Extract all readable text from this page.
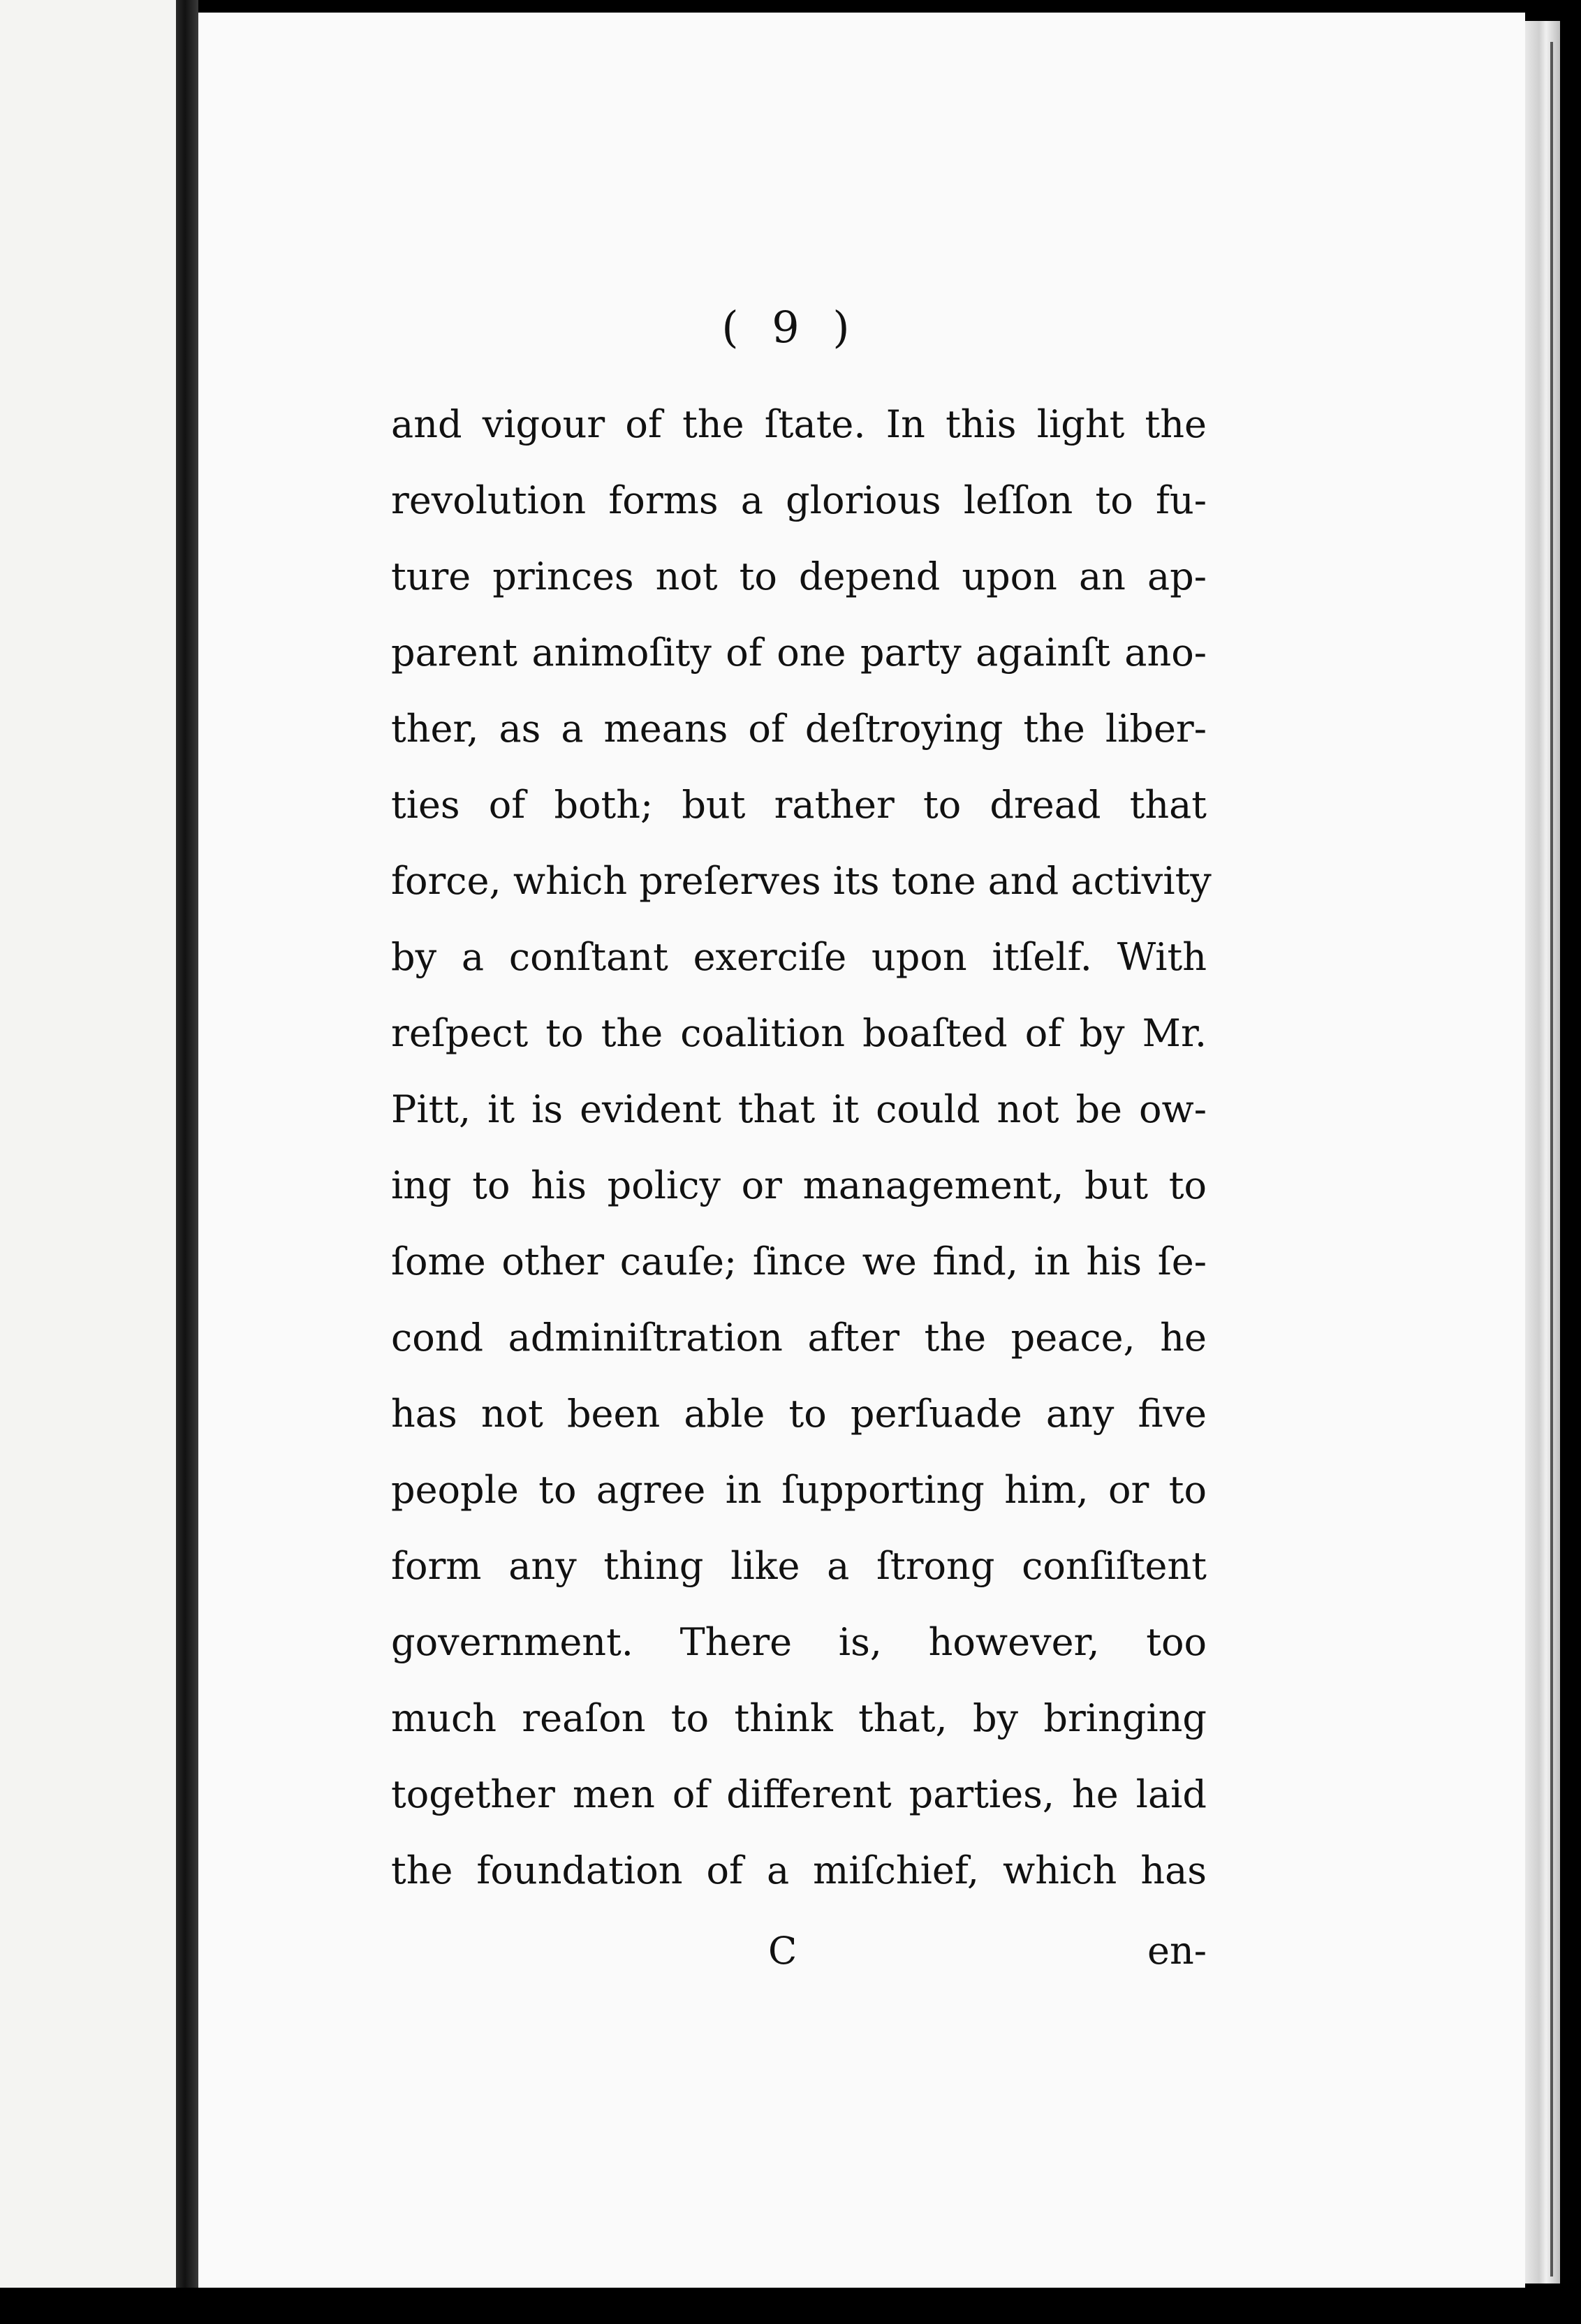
( 9 )
and vigour of the ſtate. In this light the
revolution forms a glorious leſſon to fu-
ture princes not to depend upon an ap-
parent animoſity of one party againſt ano-
ther, as a means of deſtroying the liber-
ties of both; but rather to dread that
force, which preſerves its tone and activity
by a conſtant exerciſe upon itſelf. With
reſpect to the coalition boaſted of by Mr.
Pitt, it is evident that it could not be ow-
ing to his policy or management, but to
ſome other cauſe; ſince we find, in his ſe-
cond adminiſtration after the peace, he
has not been able to perſuade any five
people to agree in ſupporting him, or to
form any thing like a ſtrong conſiſtent
government. There is, however, too
much reaſon to think that, by bringing
together men of different parties, he laid
the foundation of a miſchief, which has
C	en-
